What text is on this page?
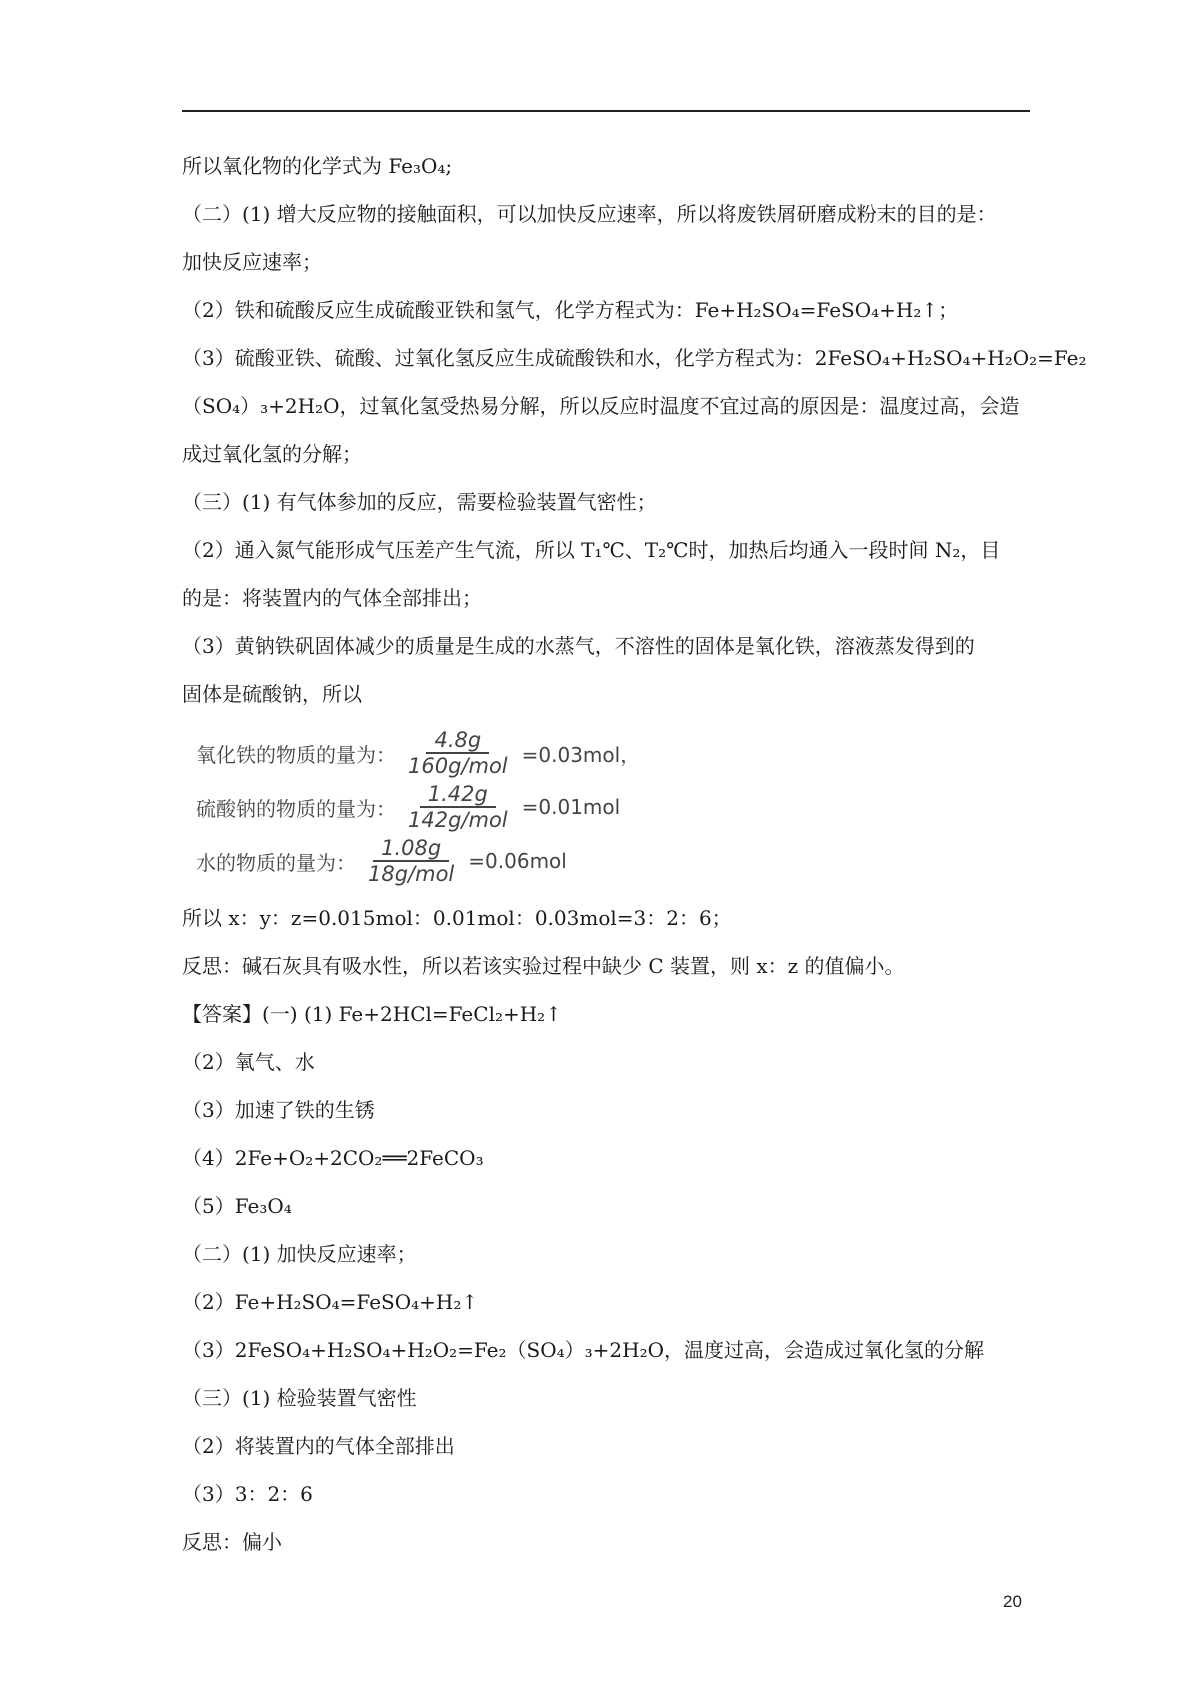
所以氧化物的化学式为 Fe₃O₄;
（二）(1) 增大反应物的接触面积，可以加快反应速率，所以将废铁屑研磨成粉末的目的是：
加快反应速率；
（2）铁和硫酸反应生成硫酸亚铁和氢气，化学方程式为：Fe+H₂SO₄=FeSO₄+H₂↑；
（3）硫酸亚铁、硫酸、过氧化氢反应生成硫酸铁和水，化学方程式为：2FeSO₄+H₂SO₄+H₂O₂=Fe₂
（SO₄）₃+2H₂O，过氧化氢受热易分解，所以反应时温度不宜过高的原因是：温度过高，会造
成过氧化氢的分解；
（三）(1) 有气体参加的反应，需要检验装置气密性；
（2）通入氮气能形成气压差产生气流，所以 T₁℃、T₂℃时，加热后均通入一段时间 N₂，目
的是：将装置内的气体全部排出；
（3）黄钠铁矾固体减少的质量是生成的水蒸气，不溶性的固体是氧化铁，溶液蒸发得到的
固体是硫酸钠，所以
氧化铁的物质的量为： $\frac{4.8g}{\text{160g/mol}} =0.03mol$，
硫酸钠的物质的量为： $\frac{1.42g}{\text{142g/mol}} =0.01mol$
水的物质的量为： $\frac{1.08g}{\text{18g/mol}} =0.06mol$
所以 x：y：z=0.015mol：0.01mol：0.03mol=3：2：6；
反思：碱石灰具有吸水性，所以若该实验过程中缺少 C 装置，则 x：z 的值偏小。
【答案】(一) (1) Fe+2HCl=FeCl₂+H₂↑
（2）氧气、水
（3）加速了铁的生锈
（4）2Fe+O₂+2CO₂══2FeCO₃
（5）Fe₃O₄
（二）(1) 加快反应速率；
（2）Fe+H₂SO₄=FeSO₄+H₂↑
（3）2FeSO₄+H₂SO₄+H₂O₂=Fe₂（SO₄）₃+2H₂O，温度过高，会造成过氧化氢的分解
（三）(1) 检验装置气密性
（2）将装置内的气体全部排出
（3）3：2：6
反思：偏小
20
